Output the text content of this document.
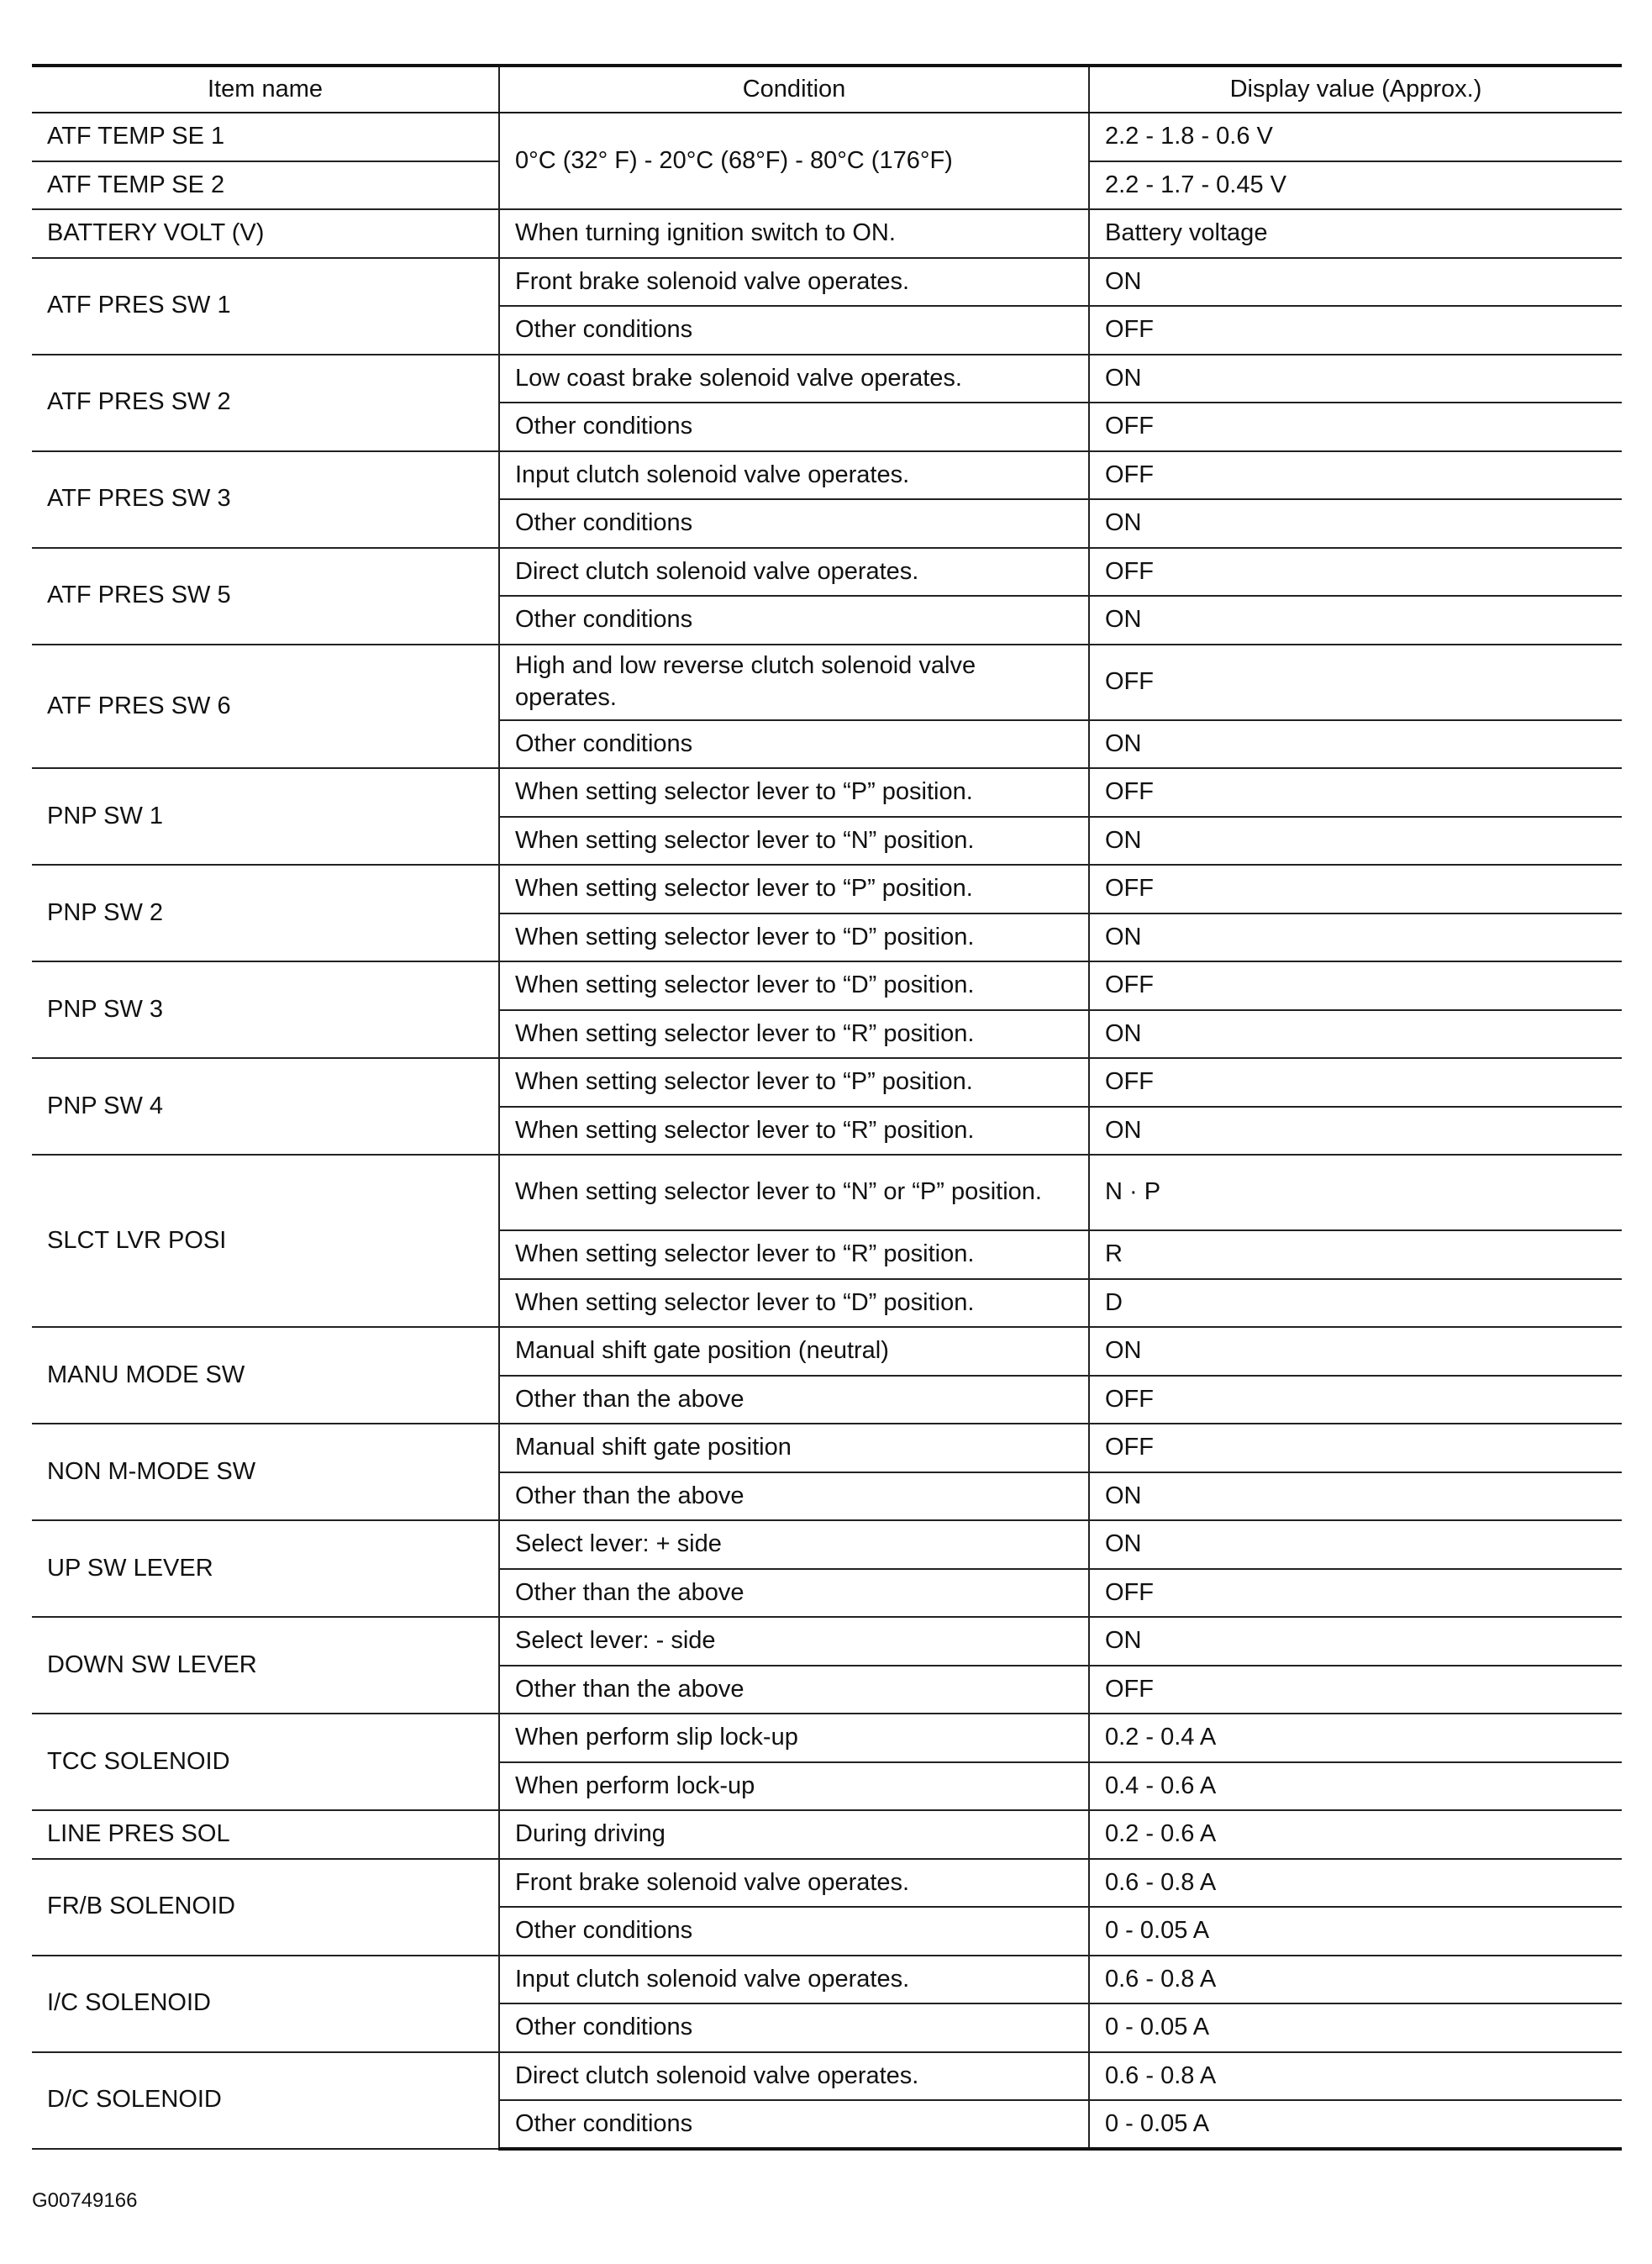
Item name	Condition	Display value (Approx.)
ATF TEMP SE 1	0°C (32° F) - 20°C (68°F) - 80°C (176°F)	2.2 - 1.8 - 0.6 V
ATF TEMP SE 2		2.2 - 1.7 - 0.45 V
BATTERY VOLT (V)	When turning ignition switch to ON.	Battery voltage
ATF PRES SW 1	Front brake solenoid valve operates.	ON
	Other conditions	OFF
ATF PRES SW 2	Low coast brake solenoid valve operates.	ON
	Other conditions	OFF
ATF PRES SW 3	Input clutch solenoid valve operates.	OFF
	Other conditions	ON
ATF PRES SW 5	Direct clutch solenoid valve operates.	OFF
	Other conditions	ON
ATF PRES SW 6	High and low reverse clutch solenoid valve operates.	OFF
	Other conditions	ON
PNP SW 1	When setting selector lever to “P” position.	OFF
	When setting selector lever to “N” position.	ON
PNP SW 2	When setting selector lever to “P” position.	OFF
	When setting selector lever to “D” position.	ON
PNP SW 3	When setting selector lever to “D” position.	OFF
	When setting selector lever to “R” position.	ON
PNP SW 4	When setting selector lever to “P” position.	OFF
	When setting selector lever to “R” position.	ON
SLCT LVR POSI	When setting selector lever to “N” or “P” position.	N · P
	When setting selector lever to “R” position.	R
	When setting selector lever to “D” position.	D
MANU MODE SW	Manual shift gate position (neutral)	ON
	Other than the above	OFF
NON M-MODE SW	Manual shift gate position	OFF
	Other than the above	ON
UP SW LEVER	Select lever: + side	ON
	Other than the above	OFF
DOWN SW LEVER	Select lever: - side	ON
	Other than the above	OFF
TCC SOLENOID	When perform slip lock-up	0.2 - 0.4 A
	When perform lock-up	0.4 - 0.6 A
LINE PRES SOL	During driving	0.2 - 0.6 A
FR/B SOLENOID	Front brake solenoid valve operates.	0.6 - 0.8 A
	Other conditions	0 - 0.05 A
I/C SOLENOID	Input clutch solenoid valve operates.	0.6 - 0.8 A
	Other conditions	0 - 0.05 A
D/C SOLENOID	Direct clutch solenoid valve operates.	0.6 - 0.8 A
	Other conditions	0 - 0.05 A
G00749166
